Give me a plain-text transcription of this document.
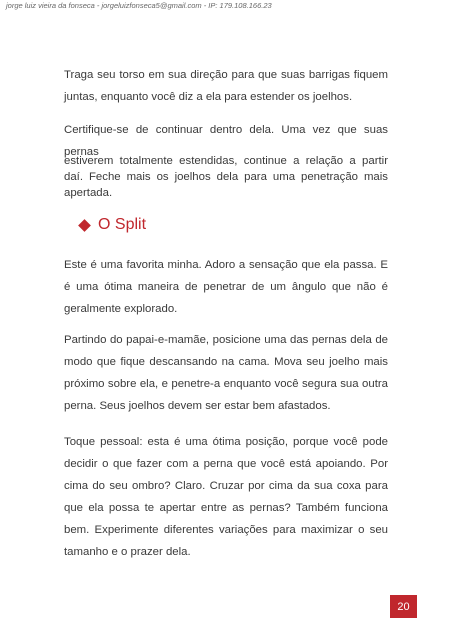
jorge luiz vieira da fonseca - jorgeluizfonseca5@gmail.com - IP: 179.108.166.23

Traga seu torso em sua direção para que suas barrigas fiquem juntas, enquanto você diz a ela para estender os joelhos.

Certifique-se de continuar dentro dela. Uma vez que suas pernas

estiverem totalmente estendidas, continue a relação a partir daí. Feche mais os joelhos dela para uma penetração mais apertada.

O Split

Este é uma favorita minha. Adoro a sensação que ela passa. E é uma ótima maneira de penetrar de um ângulo que não é geralmente explorado.

Partindo do papai-e-mamãe, posicione uma das pernas dela de modo que fique descansando na cama. Mova seu joelho mais próximo sobre ela, e penetre-a enquanto você segura sua outra perna. Seus joelhos devem ser estar bem afastados.

Toque pessoal: esta é uma ótima posição, porque você pode decidir o que fazer com a perna que você está apoiando. Por cima do seu ombro? Claro. Cruzar por cima da sua coxa para que ela possa te apertar entre as pernas? Também funciona bem. Experimente diferentes variações para maximizar o seu tamanho e o prazer dela.

20
